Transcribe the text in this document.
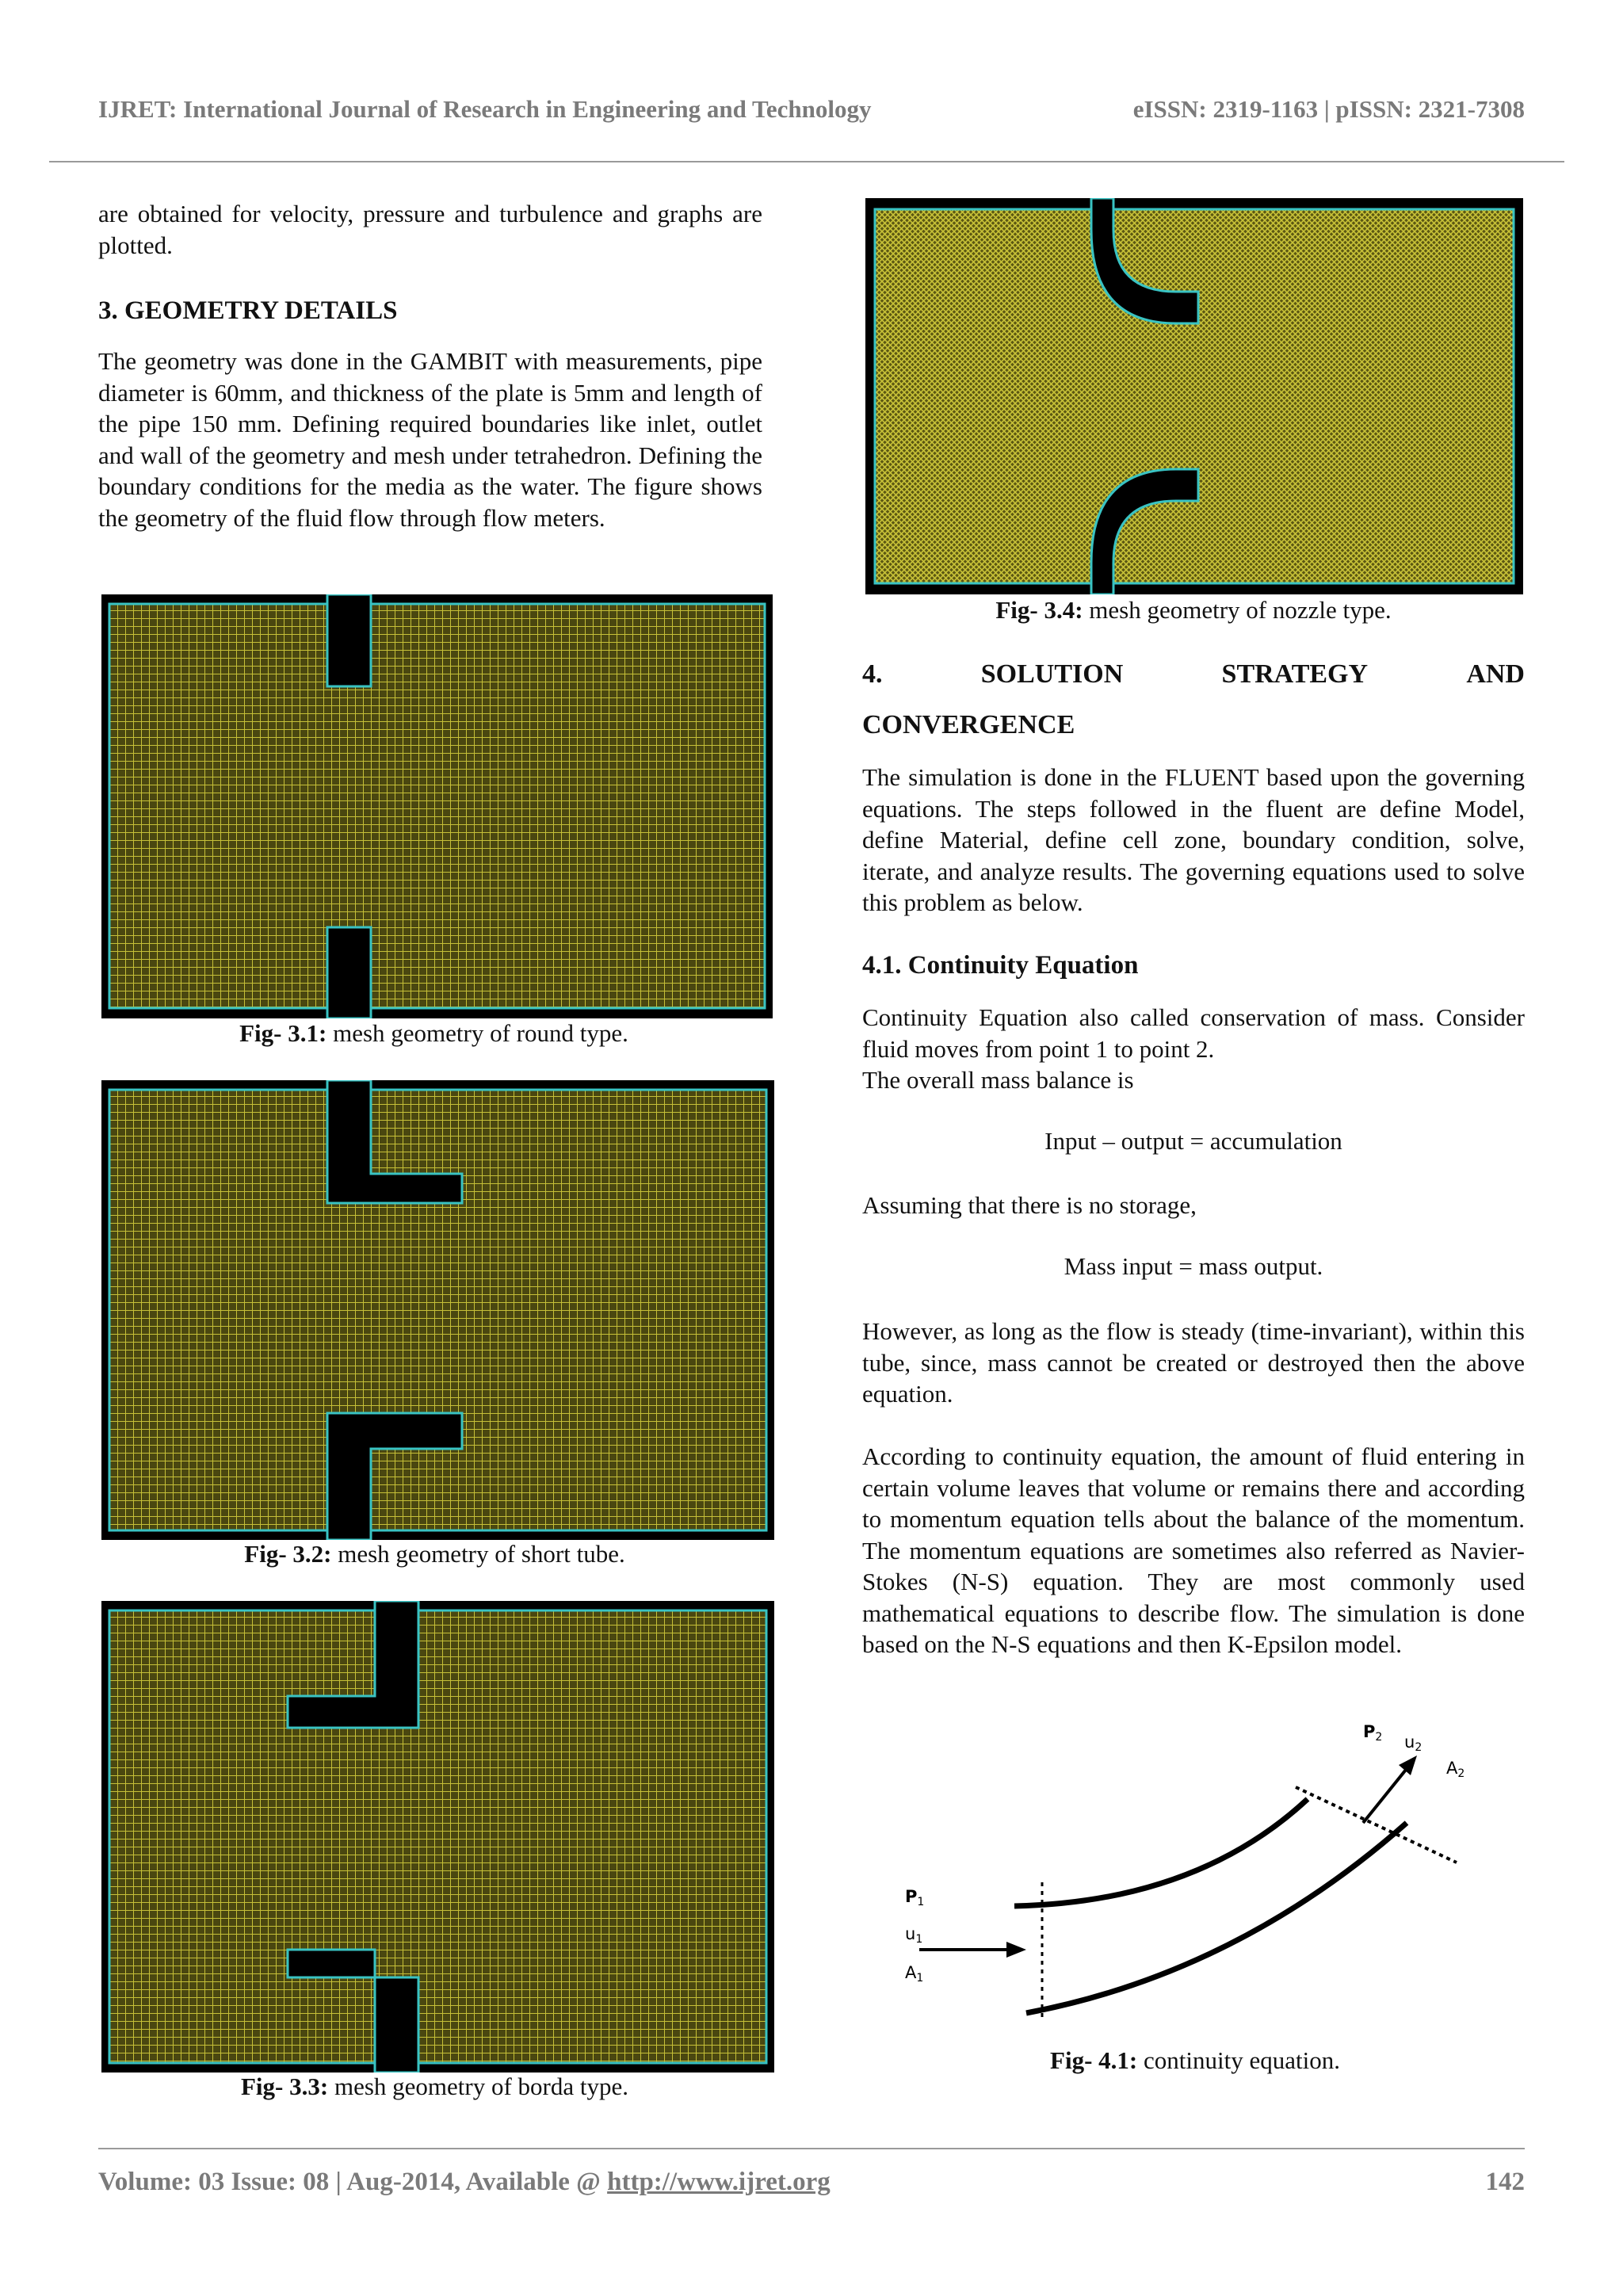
IJRET: International Journal of Research in Engineering and Technology	eISSN: 2319-1163 | pISSN: 2321-7308
are obtained for velocity, pressure and turbulence and graphs are plotted.
3. GEOMETRY DETAILS
The geometry was done in the GAMBIT with measurements, pipe diameter is 60mm, and thickness of the plate is 5mm and length of the pipe 150 mm. Defining required boundaries like inlet, outlet and wall of the geometry and mesh under tetrahedron. Defining the boundary conditions for the media as the water. The figure shows the geometry of the fluid flow through flow meters.
Fig- 3.1: mesh geometry of round type.
Fig- 3.2: mesh geometry of short tube.
Fig- 3.3: mesh geometry of borda type.
Fig- 3.4: mesh geometry of nozzle type.
4.	SOLUTION	STRATEGY	AND
CONVERGENCE
The simulation is done in the FLUENT based upon the governing equations. The steps followed in the fluent are define Model, define Material, define cell zone, boundary condition, solve, iterate, and analyze results. The governing equations used to solve this problem as below.
4.1. Continuity Equation
Continuity Equation also called conservation of mass. Consider fluid moves from point 1 to point 2.
The overall mass balance is
Input – output = accumulation
Assuming that there is no storage,
Mass input = mass output.
However, as long as the flow is steady (time-invariant), within this tube, since, mass cannot be created or destroyed then the above equation.
According to continuity equation, the amount of fluid entering in certain volume leaves that volume or remains there and according to momentum equation tells about the balance of the momentum. The momentum equations are sometimes also referred as Navier-Stokes (N-S) equation. They are most commonly used mathematical equations to describe flow. The simulation is done based on the N-S equations and then K-Epsilon model.
P1
u1
A1
P2 u2
A2
Fig- 4.1: continuity equation.
Volume: 03 Issue: 08 | Aug-2014, Available @ http://www.ijret.org	142
